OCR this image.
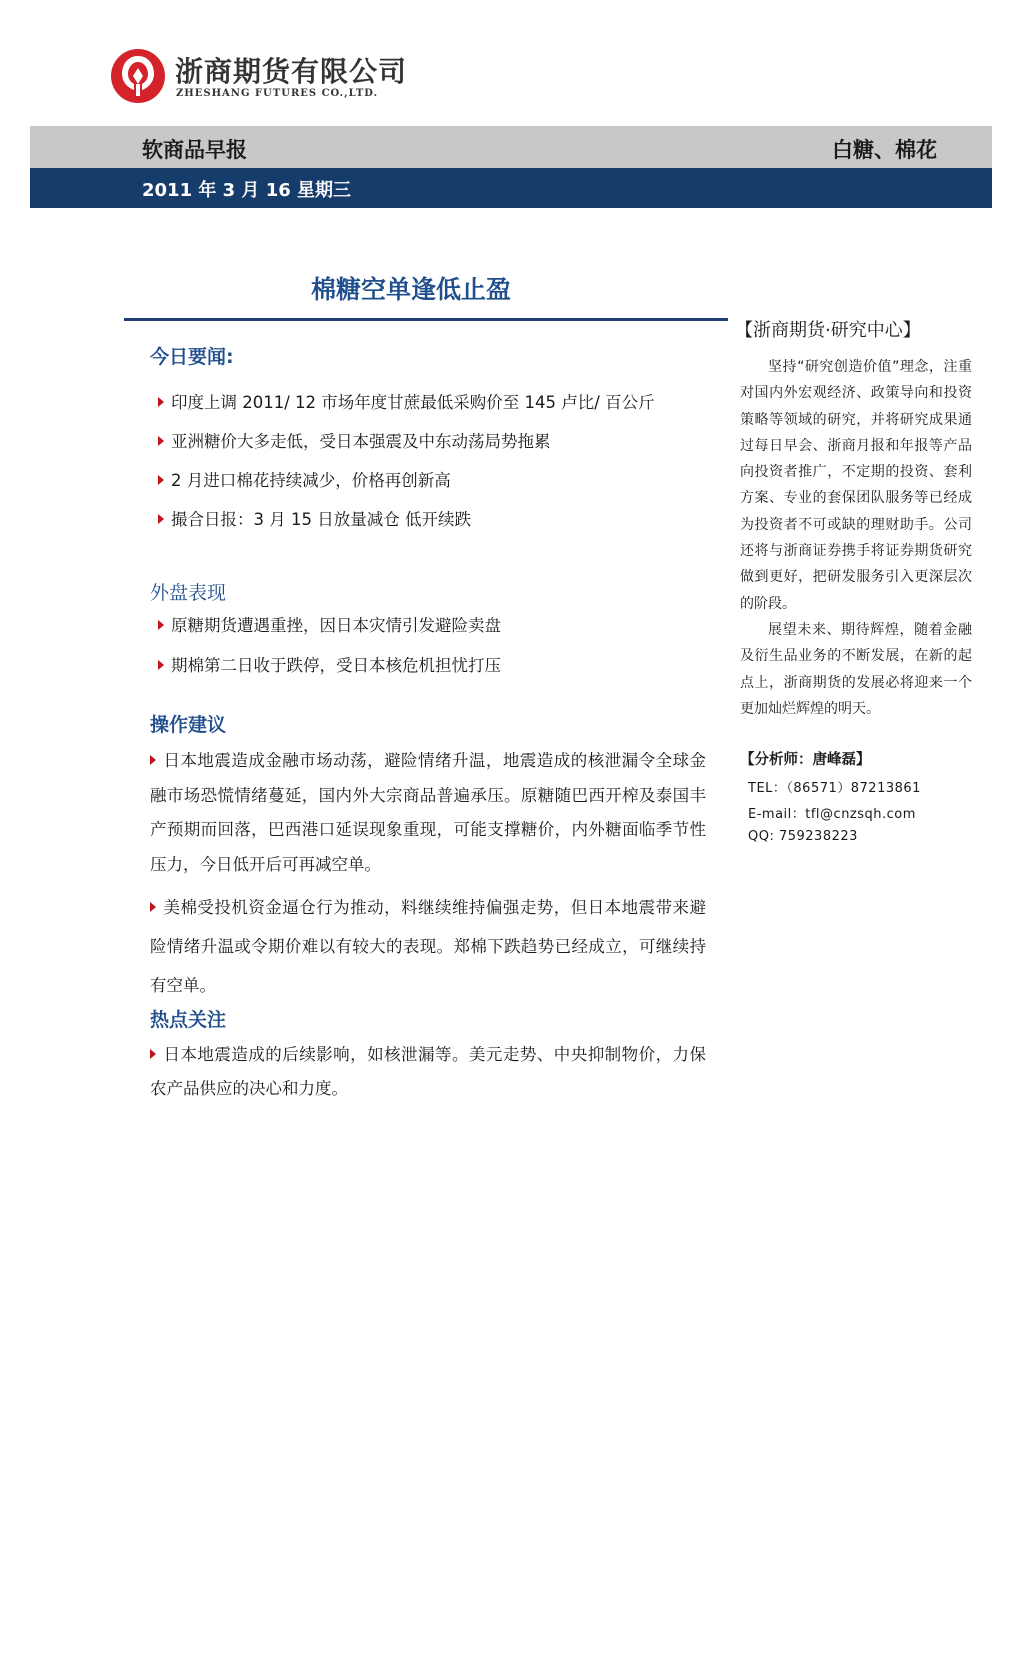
浙商期货有限公司
ZHESHANG FUTURES CO.,LTD.
软商品早报	白糖、棉花
2011 年 3 月 16 星期三
棉糖空单逢低止盈
今日要闻:
印度上调 2011/ 12 市场年度甘蔗最低采购价至 145 卢比/ 百公斤
亚洲糖价大多走低，受日本强震及中东动荡局势拖累
2 月进口棉花持续减少，价格再创新高
撮合日报：3 月 15 日放量减仓 低开续跌
外盘表现
原糖期货遭遇重挫，因日本灾情引发避险卖盘
期棉第二日收于跌停，受日本核危机担忧打压
操作建议
日本地震造成金融市场动荡，避险情绪升温，地震造成的核泄漏令全球金融市场恐慌情绪蔓延，国内外大宗商品普遍承压。原糖随巴西开榨及泰国丰产预期而回落，巴西港口延误现象重现，可能支撑糖价，内外糖面临季节性压力，今日低开后可再减空单。
美棉受投机资金逼仓行为推动，料继续维持偏强走势，但日本地震带来避险情绪升温或令期价难以有较大的表现。郑棉下跌趋势已经成立，可继续持有空单。
热点关注
日本地震造成的后续影响，如核泄漏等。美元走势、中央抑制物价，力保农产品供应的决心和力度。
【浙商期货·研究中心】

坚持“研究创造价值”理念，注重对国内外宏观经济、政策导向和投资策略等领域的研究，并将研究成果通过每日早会、浙商月报和年报等产品向投资者推广，不定期的投资、套利方案、专业的套保团队服务等已经成为投资者不可或缺的理财助手。公司还将与浙商证券携手将证券期货研究做到更好，把研发服务引入更深层次的阶段。

展望未来、期待辉煌，随着金融及衍生品业务的不断发展，在新的起点上，浙商期货的发展必将迎来一个更加灿烂辉煌的明天。

【分析师：唐峰磊】
TEL：（86571）87213861
E-mail：tfl@cnzsqh.com
QQ: 759238223
